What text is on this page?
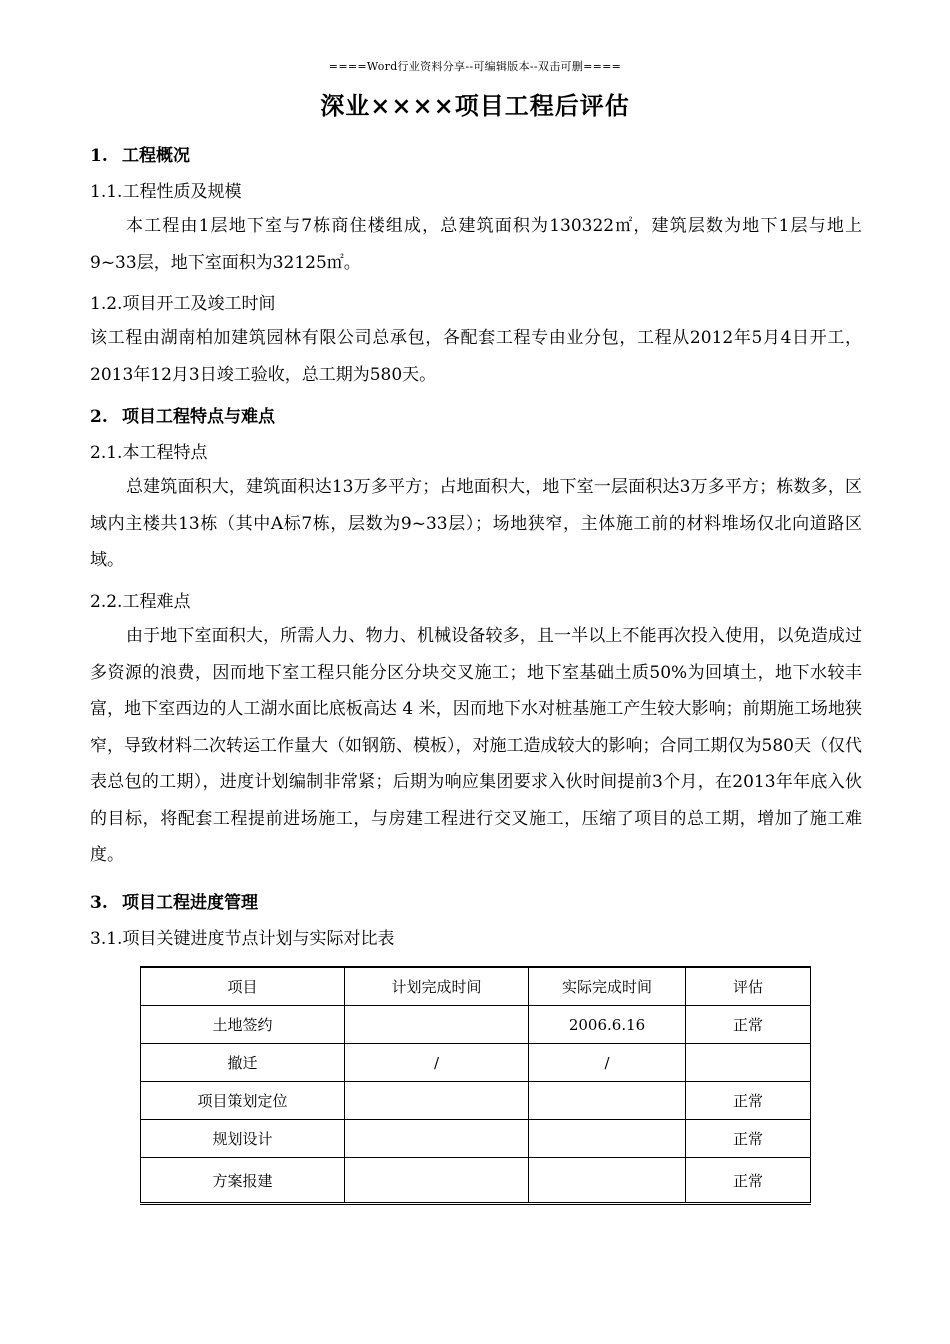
====Word行业资料分享--可编辑版本--双击可删====
深业××××项目工程后评估
1. 工程概况
1.1.工程性质及规模

本工程由1层地下室与7栋商住楼组成，总建筑面积为130322㎡，建筑层数为地下1层与地上9~33层，地下室面积为32125㎡。

1.2.项目开工及竣工时间

该工程由湖南柏加建筑园林有限公司总承包，各配套工程专由业分包，工程从2012年5月4日开工，2013年12月3日竣工验收，总工期为580天。

2. 项目工程特点与难点
2.1.本工程特点

总建筑面积大，建筑面积达13万多平方；占地面积大，地下室一层面积达3万多平方；栋数多，区域内主楼共13栋（其中A标7栋，层数为9~33层）；场地狭窄，主体施工前的材料堆场仅北向道路区域。

2.2.工程难点

由于地下室面积大，所需人力、物力、机械设备较多，且一半以上不能再次投入使用，以免造成过多资源的浪费，因而地下室工程只能分区分块交叉施工；地下室基础土质50%为回填土，地下水较丰富，地下室西边的人工湖水面比底板高达 4 米，因而地下水对桩基施工产生较大影响；前期施工场地狭窄，导致材料二次转运工作量大（如钢筋、模板），对施工造成较大的影响；合同工期仅为580天（仅代表总包的工期），进度计划编制非常紧；后期为响应集团要求入伙时间提前3个月，在2013年年底入伙的目标，将配套工程提前进场施工，与房建工程进行交叉施工，压缩了项目的总工期，增加了施工难度。

3. 项目工程进度管理
3.1.项目关键进度节点计划与实际对比表
项目	计划完成时间	实际完成时间	评估
土地签约		2006.6.16	正常
撤迁	/	/	
项目策划定位			正常
规划设计			正常
方案报建			正常
